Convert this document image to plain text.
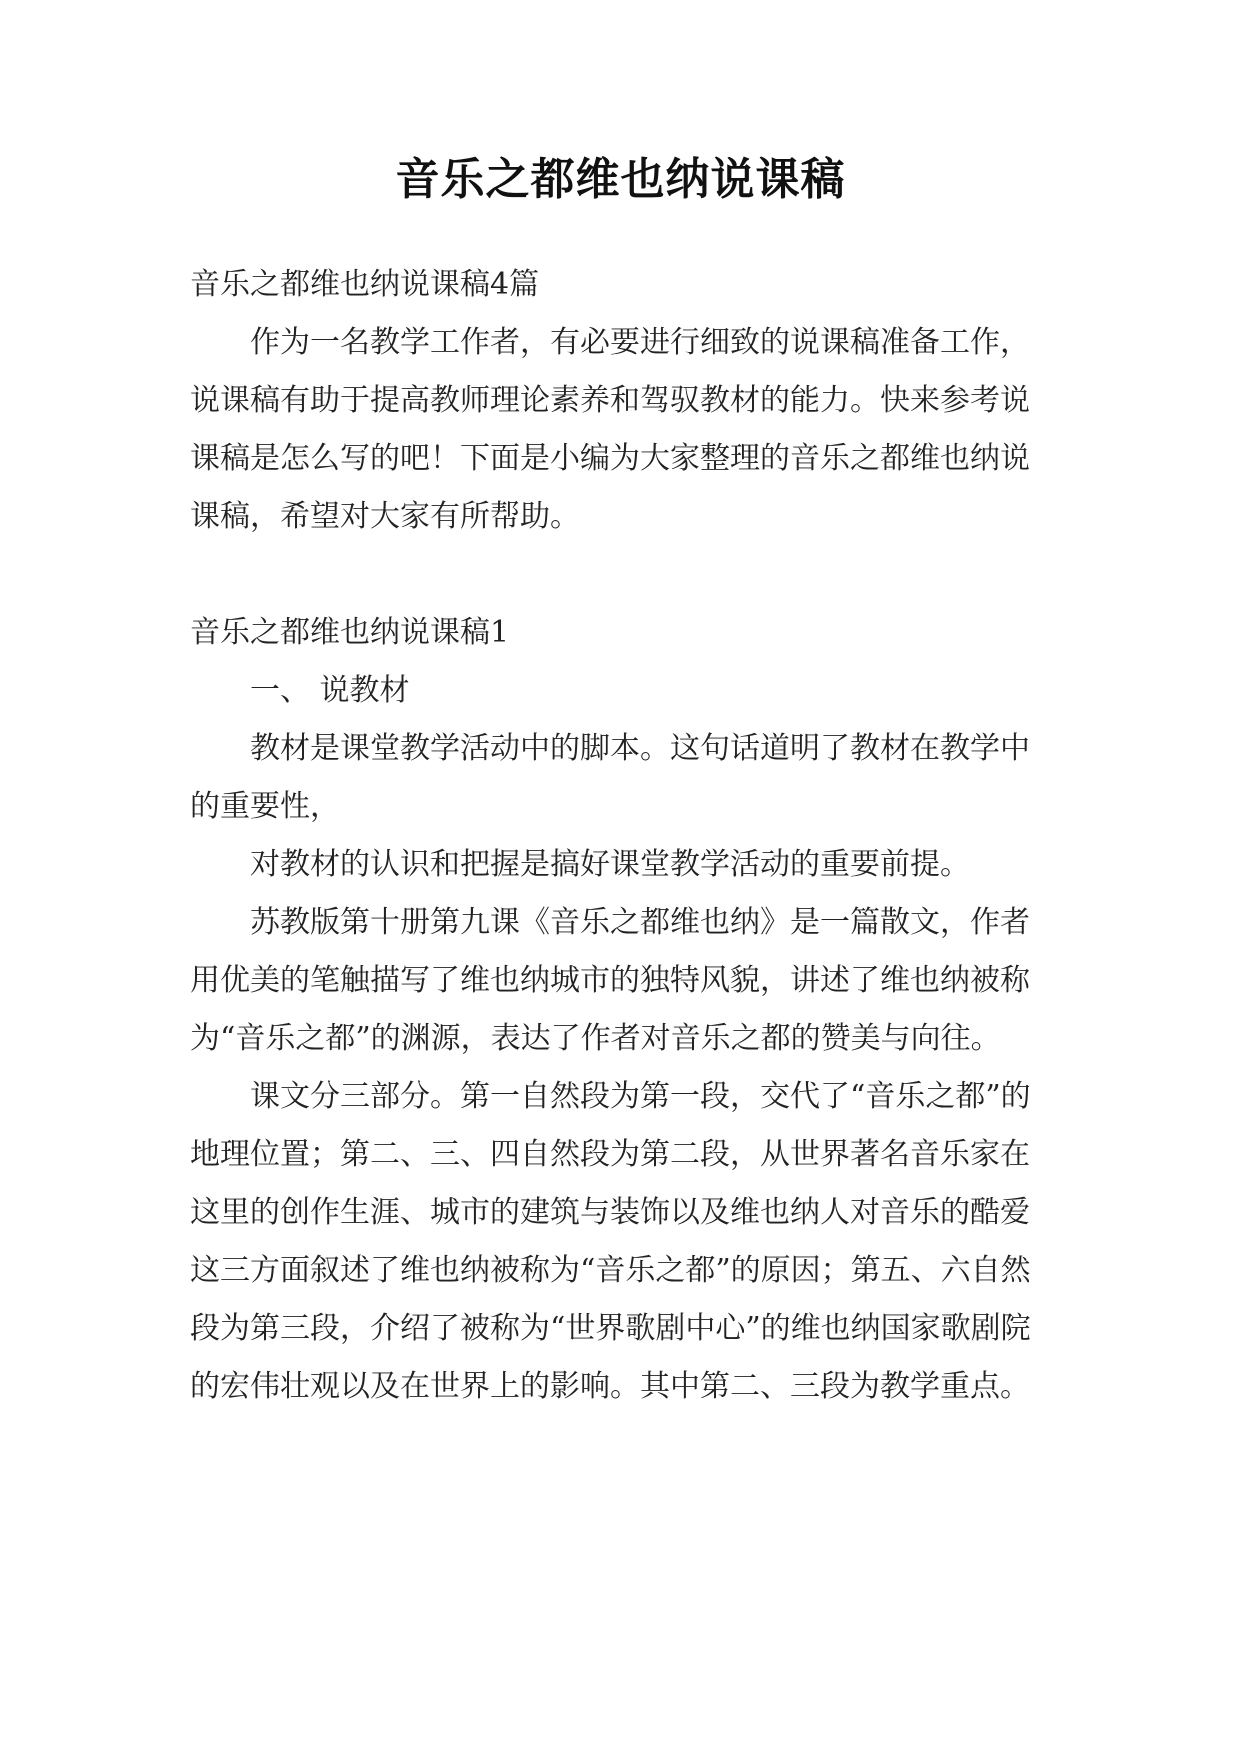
音乐之都维也纳说课稿

音乐之都维也纳说课稿4篇

作为一名教学工作者，有必要进行细致的说课稿准备工作，说课稿有助于提高教师理论素养和驾驭教材的能力。快来参考说课稿是怎么写的吧！下面是小编为大家整理的音乐之都维也纳说课稿，希望对大家有所帮助。

音乐之都维也纳说课稿1

一、 说教材

教材是课堂教学活动中的脚本。这句话道明了教材在教学中的重要性，

对教材的认识和把握是搞好课堂教学活动的重要前提。

苏教版第十册第九课《音乐之都维也纳》是一篇散文，作者用优美的笔触描写了维也纳城市的独特风貌，讲述了维也纳被称为“音乐之都”的渊源，表达了作者对音乐之都的赞美与向往。

课文分三部分。第一自然段为第一段，交代了“音乐之都”的地理位置；第二、三、四自然段为第二段，从世界著名音乐家在这里的创作生涯、城市的建筑与装饰以及维也纳人对音乐的酷爱这三方面叙述了维也纳被称为“音乐之都”的原因；第五、六自然段为第三段，介绍了被称为“世界歌剧中心”的维也纳国家歌剧院的宏伟壮观以及在世界上的影响。其中第二、三段为教学重点。
